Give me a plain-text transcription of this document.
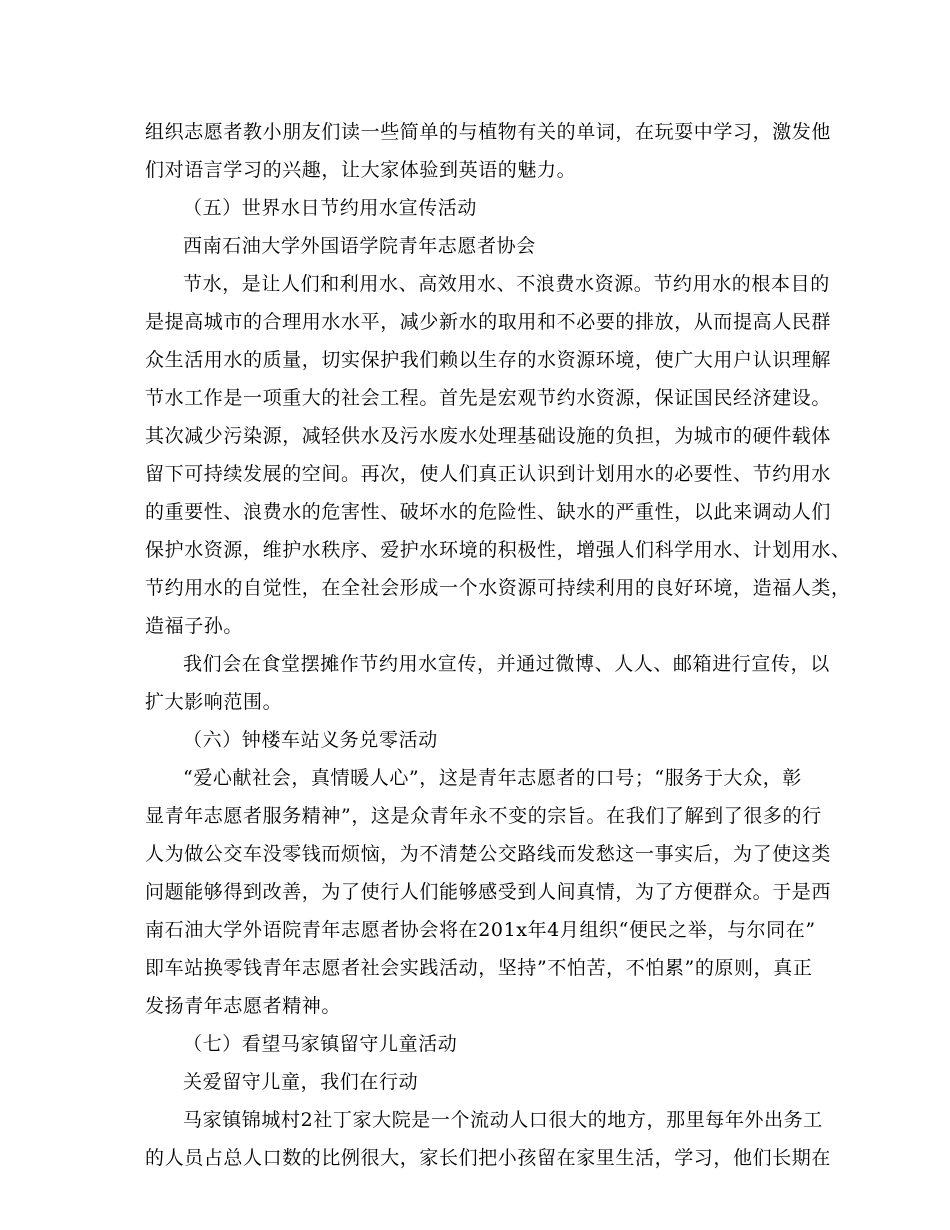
组织志愿者教小朋友们读一些简单的与植物有关的单词，在玩耍中学习，激发他

们对语言学习的兴趣，让大家体验到英语的魅力。

（五）世界水日节约用水宣传活动

西南石油大学外国语学院青年志愿者协会

节水，是让人们和利用水、高效用水、不浪费水资源。节约用水的根本目的

是提高城市的合理用水水平，减少新水的取用和不必要的排放，从而提高人民群

众生活用水的质量，切实保护我们赖以生存的水资源环境，使广大用户认识理解

节水工作是一项重大的社会工程。首先是宏观节约水资源，保证国民经济建设。

其次减少污染源，减轻供水及污水废水处理基础设施的负担，为城市的硬件载体

留下可持续发展的空间。再次，使人们真正认识到计划用水的必要性、节约用水

的重要性、浪费水的危害性、破坏水的危险性、缺水的严重性，以此来调动人们

保护水资源，维护水秩序、爱护水环境的积极性，增强人们科学用水、计划用水、

节约用水的自觉性，在全社会形成一个水资源可持续利用的良好环境，造福人类，

造福子孙。

我们会在食堂摆摊作节约用水宣传，并通过微博、人人、邮箱进行宣传，以

扩大影响范围。

（六）钟楼车站义务兑零活动

“爱心献社会，真情暖人心”，这是青年志愿者的口号；“服务于大众，彰

显青年志愿者服务精神”，这是众青年永不变的宗旨。在我们了解到了很多的行

人为做公交车没零钱而烦恼，为不清楚公交路线而发愁这一事实后，为了使这类

问题能够得到改善，为了使行人们能够感受到人间真情，为了方便群众。于是西

南石油大学外语院青年志愿者协会将在201x年4月组织“便民之举，与尔同在”

即车站换零钱青年志愿者社会实践活动，坚持”不怕苦，不怕累”的原则，真正

发扬青年志愿者精神。

（七）看望马家镇留守儿童活动

关爱留守儿童，我们在行动

马家镇锦城村2社丁家大院是一个流动人口很大的地方，那里每年外出务工

的人员占总人口数的比例很大，家长们把小孩留在家里生活，学习，他们长期在
